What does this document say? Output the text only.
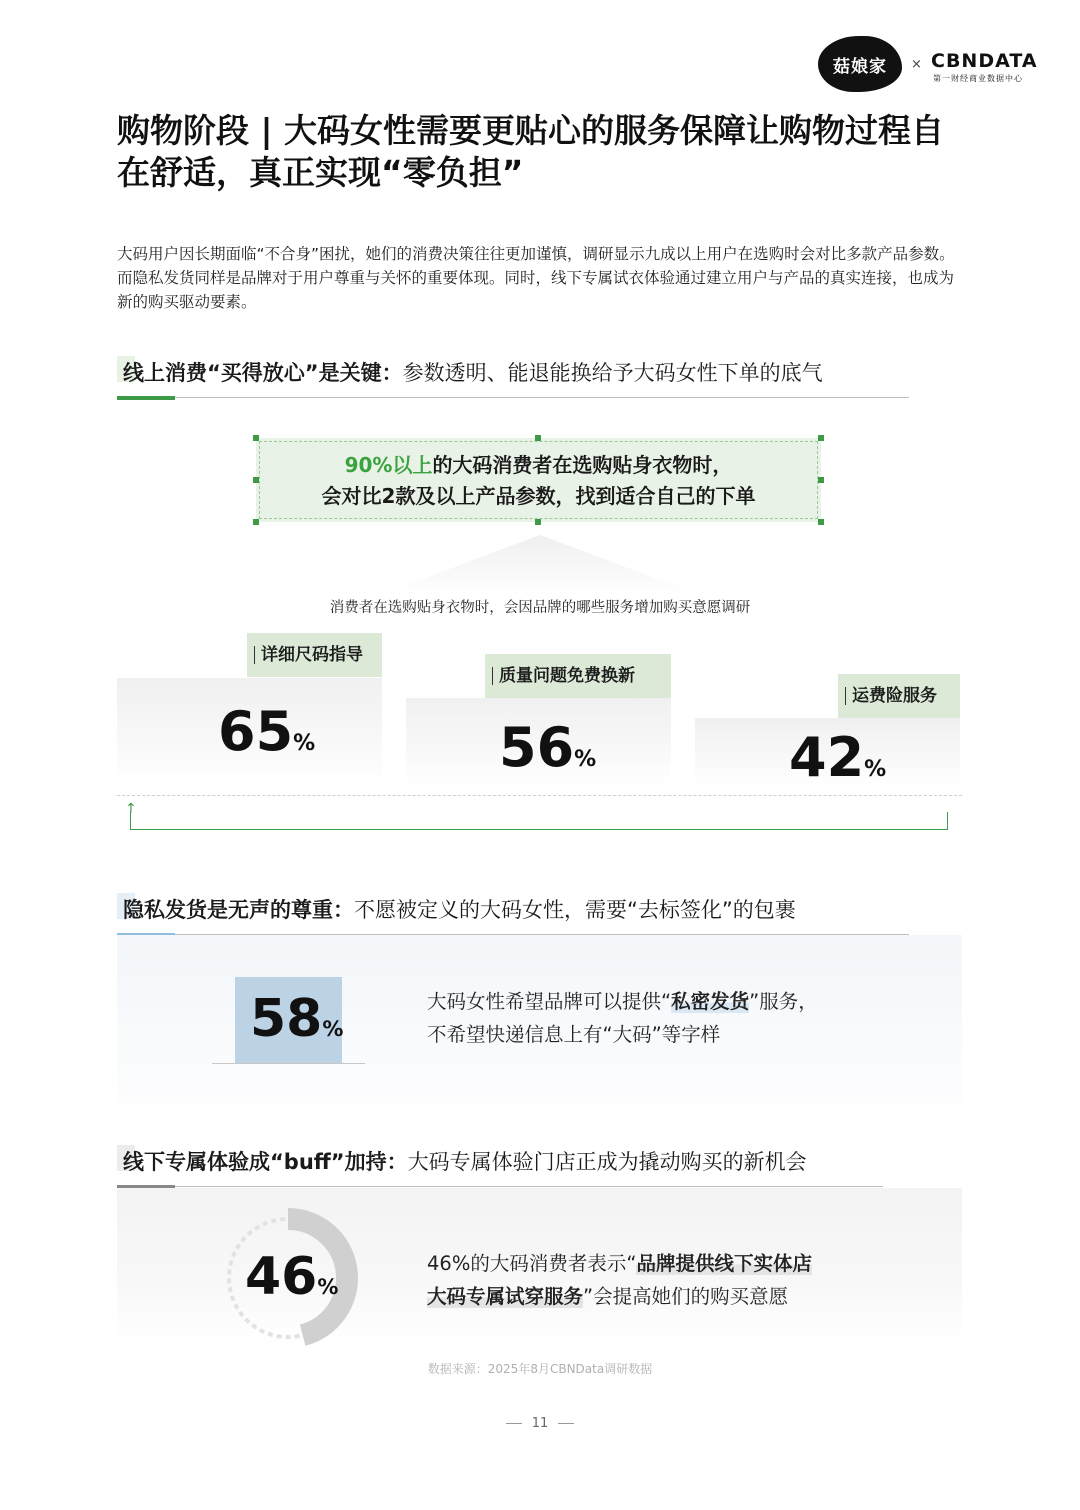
菇娘家 × CBNDATA
第一财经商业数据中心
购物阶段 | 大码女性需要更贴心的服务保障让购物过程自在舒适，真正实现“零负担”

大码用户因长期面临“不合身”困扰，她们的消费决策往往更加谨慎，调研显示九成以上用户在选购时会对比多款产品参数。而隐私发货同样是品牌对于用户尊重与关怀的重要体现。同时，线下专属试衣体验通过建立用户与产品的真实连接，也成为新的购买驱动要素。

线上消费“买得放心”是关键：参数透明、能退能换给予大码女性下单的底气
90%以上的大码消费者在选购贴身衣物时，
会对比2款及以上产品参数，找到适合自己的下单
消费者在选购贴身衣物时，会因品牌的哪些服务增加购买意愿调研
详细尺码指导
65%
质量问题免费换新
56%
运费险服务
42%
↑
隐私发货是无声的尊重：不愿被定义的大码女性，需要“去标签化”的包裹
58%
大码女性希望品牌可以提供“私密发货”服务，
不希望快递信息上有“大码”等字样
线下专属体验成“buff”加持：大码专属体验门店正成为撬动购买的新机会
46%
46%的大码消费者表示“品牌提供线下实体店
大码专属试穿服务”会提高她们的购买意愿
数据来源：2025年8月CBNData调研数据
11
